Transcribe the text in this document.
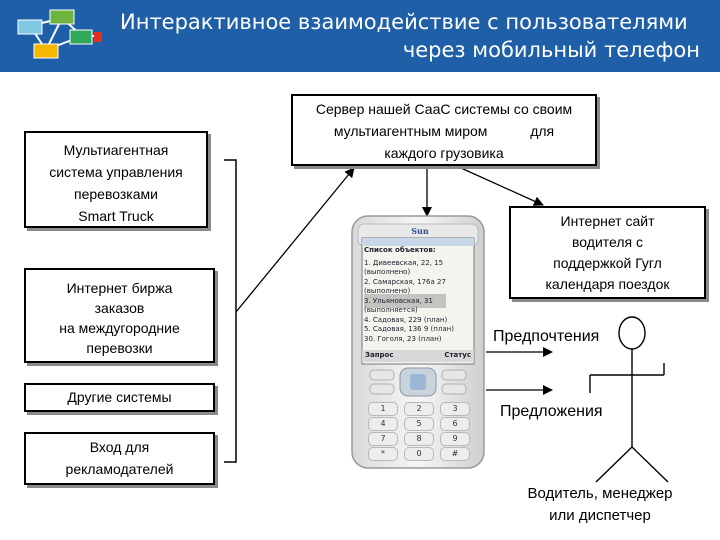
Интерактивное взаимодействие с пользователями
через мобильный телефон
Мультиагентная
система управления
перевозками
Smart Truck
Интернет биржа
заказов
на междугородние
перевозки
Другие системы
Вход для
рекламодателей
Сервер нашей СааС системы со своим
мультиагентным миром           для
каждого грузовика
Интернет сайт
водителя с
поддержкой Гугл
календаря поездок
Список объектов:
1. Дивеевская, 22, 15
(выполнено)
2. Самарская, 176а 27
(выполнено)
3. Ульяновская, 31
(выполняется)
4. Садовая, 229 (план)
5. Садовая, 136 9 (план)
30. Гоголя, 23 (план)
Запрос	Статус
Sun
1	2	3
4	5	6
7	8	9
*	0	#
Предпочтения
Предложения
Водитель, менеджер
или диспетчер
